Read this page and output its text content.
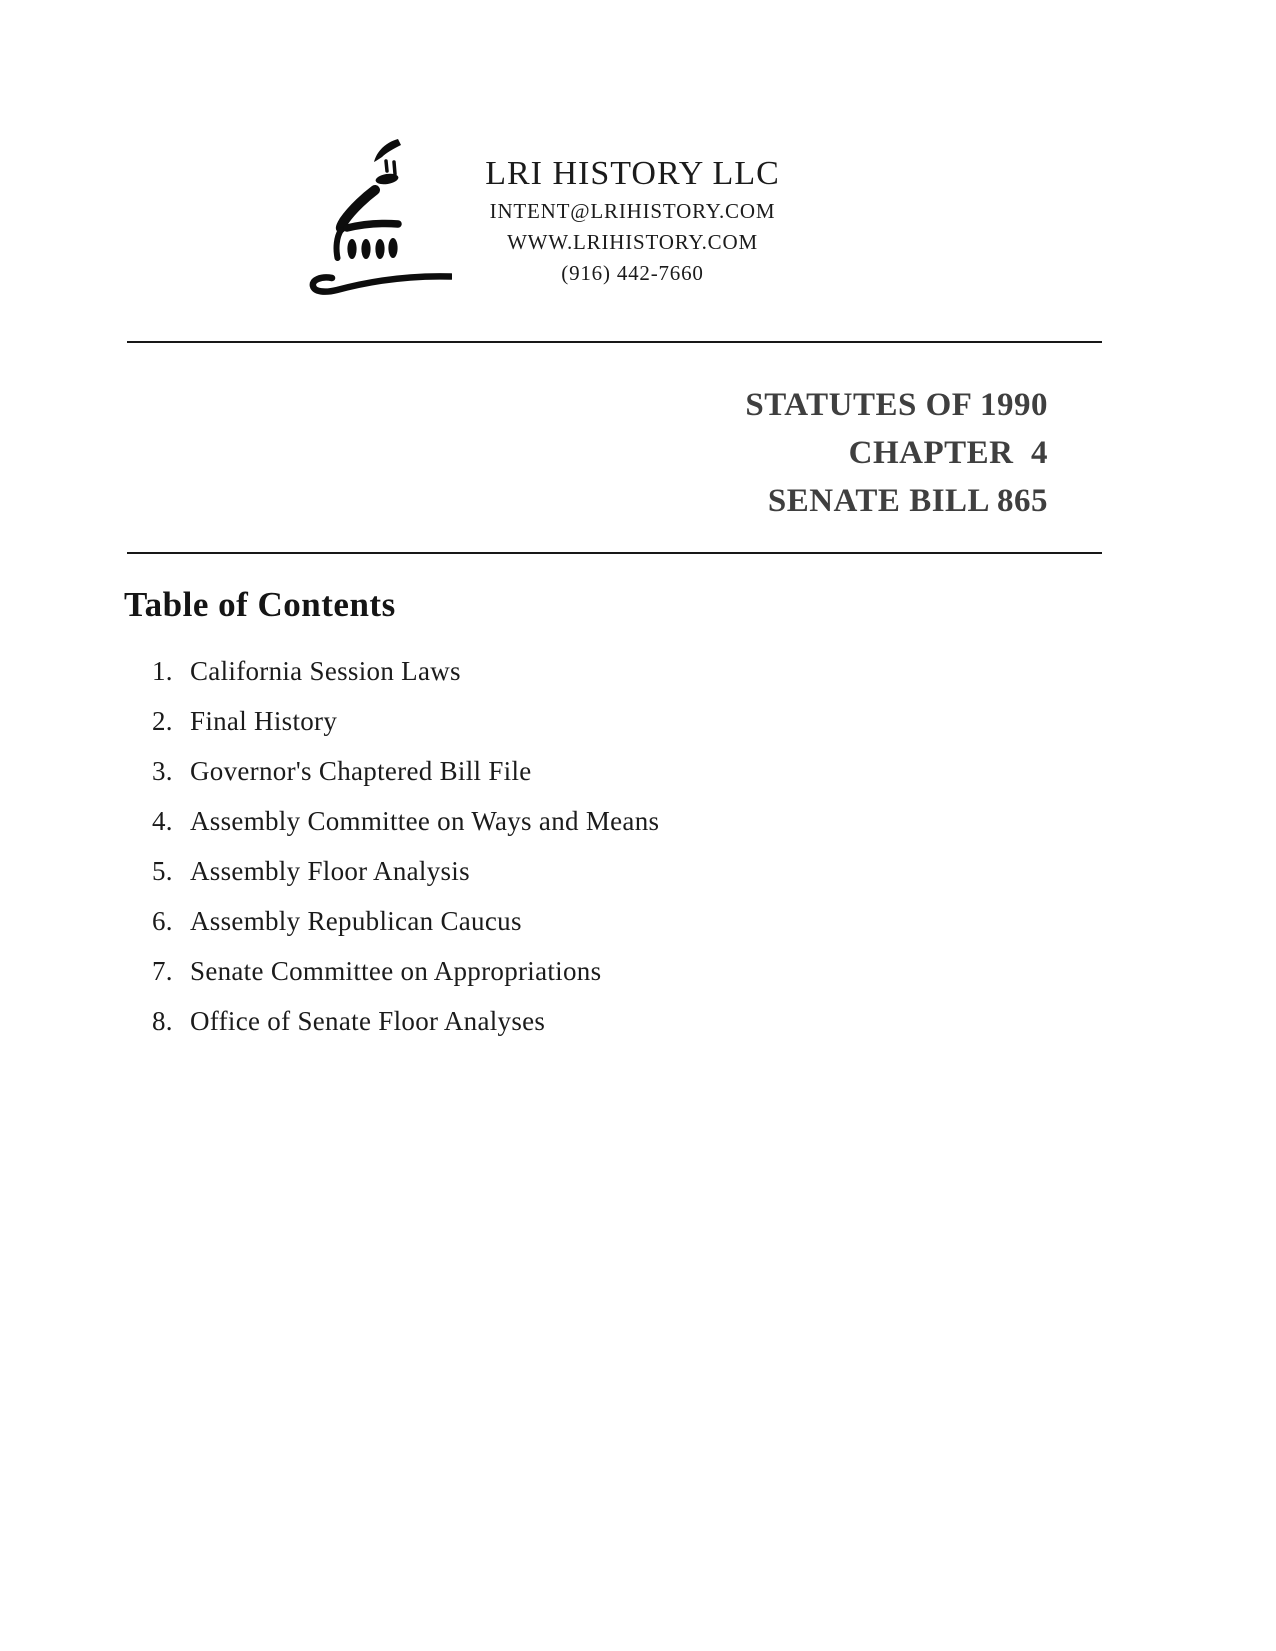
LRI HISTORY LLC
INTENT@LRIHISTORY.COM
WWW.LRIHISTORY.COM
(916) 442-7660
STATUTES OF 1990
CHAPTER  4
SENATE BILL 865
Table of Contents
1. California Session Laws
2. Final History
3. Governor's Chaptered Bill File
4. Assembly Committee on Ways and Means
5. Assembly Floor Analysis
6. Assembly Republican Caucus
7. Senate Committee on Appropriations
8. Office of Senate Floor Analyses
